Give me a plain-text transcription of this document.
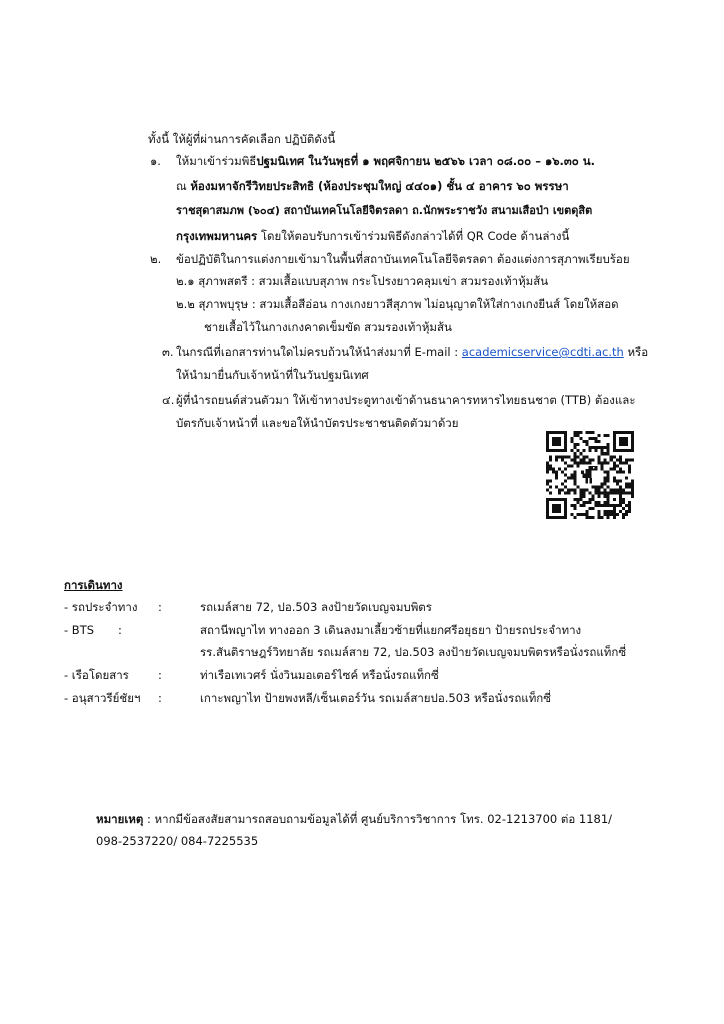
ทั้งนี้ ให้ผู้ที่ผ่านการคัดเลือก ปฏิบัติดังนี้
๑. ให้มาเข้าร่วมพิธีปฐมนิเทศ ในวันพุธที่ ๑ พฤศจิกายน ๒๕๖๖ เวลา ๐๘.๐๐ – ๑๖.๓๐ น.
ณ ห้องมหาจักรีวิทยประสิทธิ (ห้องประชุมใหญ่ ๔๔๐๑) ชั้น ๔ อาคาร ๖๐ พรรษา
ราชสุดาสมภพ (๖๐๔) สถาบันเทคโนโลยีจิตรลดา ถ.นักพระราชวัง สนามเสือป่า เขตดุสิต
กรุงเทพมหานคร โดยให้ตอบรับการเข้าร่วมพิธีดังกล่าวได้ที่ QR Code ด้านล่างนี้
๒. ข้อปฏิบัติในการแต่งกายเข้ามาในพื้นที่สถาบันเทคโนโลยีจิตรลดา ต้องแต่งการสุภาพเรียบร้อย
๒.๑ สุภาพสตรี : สวมเสื้อแบบสุภาพ กระโปรงยาวคลุมเข่า สวมรองเท้าหุ้มส้น
๒.๒ สุภาพบุรุษ : สวมเสื้อสีอ่อน กางเกงยาวสีสุภาพ ไม่อนุญาตให้ใส่กางเกงยีนส์ โดยให้สอด
ชายเสื้อไว้ในกางเกงคาดเข็มขัด สวมรองเท้าหุ้มส้น
๓. ในกรณีที่เอกสารท่านใดไม่ครบถ้วนให้นำส่งมาที่ E-mail : academicservice@cdti.ac.th หรือ
ให้นำมายื่นกับเจ้าหน้าที่ในวันปฐมนิเทศ
๔. ผู้ที่นำรถยนต์ส่วนตัวมา ให้เข้าทางประตูทางเข้าด้านธนาคารทหารไทยธนชาต (TTB) ต้องและ
บัตรกับเจ้าหน้าที่ และขอให้นำบัตรประชาชนติดตัวมาด้วย
การเดินทาง
- รถประจำทาง :	รถเมล์สาย 72, ปอ.503 ลงป้ายวัดเบญจมบพิตร
- BTS :	สถานีพญาไท ทางออก 3 เดินลงมาเลี้ยวซ้ายที่แยกศรีอยุธยา ป้ายรถประจำทาง
รร.สันติราษฎร์วิทยาลัย รถเมล์สาย 72, ปอ.503 ลงป้ายวัดเบญจมบพิตรหรือนั่งรถแท็กซี่
- เรือโดยสาร	:	ท่าเรือเทเวศร์ นั่งวินมอเตอร์ไซค์ หรือนั่งรถแท็กซี่
- อนุสาวรีย์ชัยฯ :	เกาะพญาไท ป้ายพงหลี/เซ็นเตอร์วัน รถเมล์สายปอ.503 หรือนั่งรถแท็กซี่
หมายเหตุ : หากมีข้อสงสัยสามารถสอบถามข้อมูลได้ที่ ศูนย์บริการวิชาการ โทร. 02-1213700 ต่อ 1181/
098-2537220/ 084-7225535
